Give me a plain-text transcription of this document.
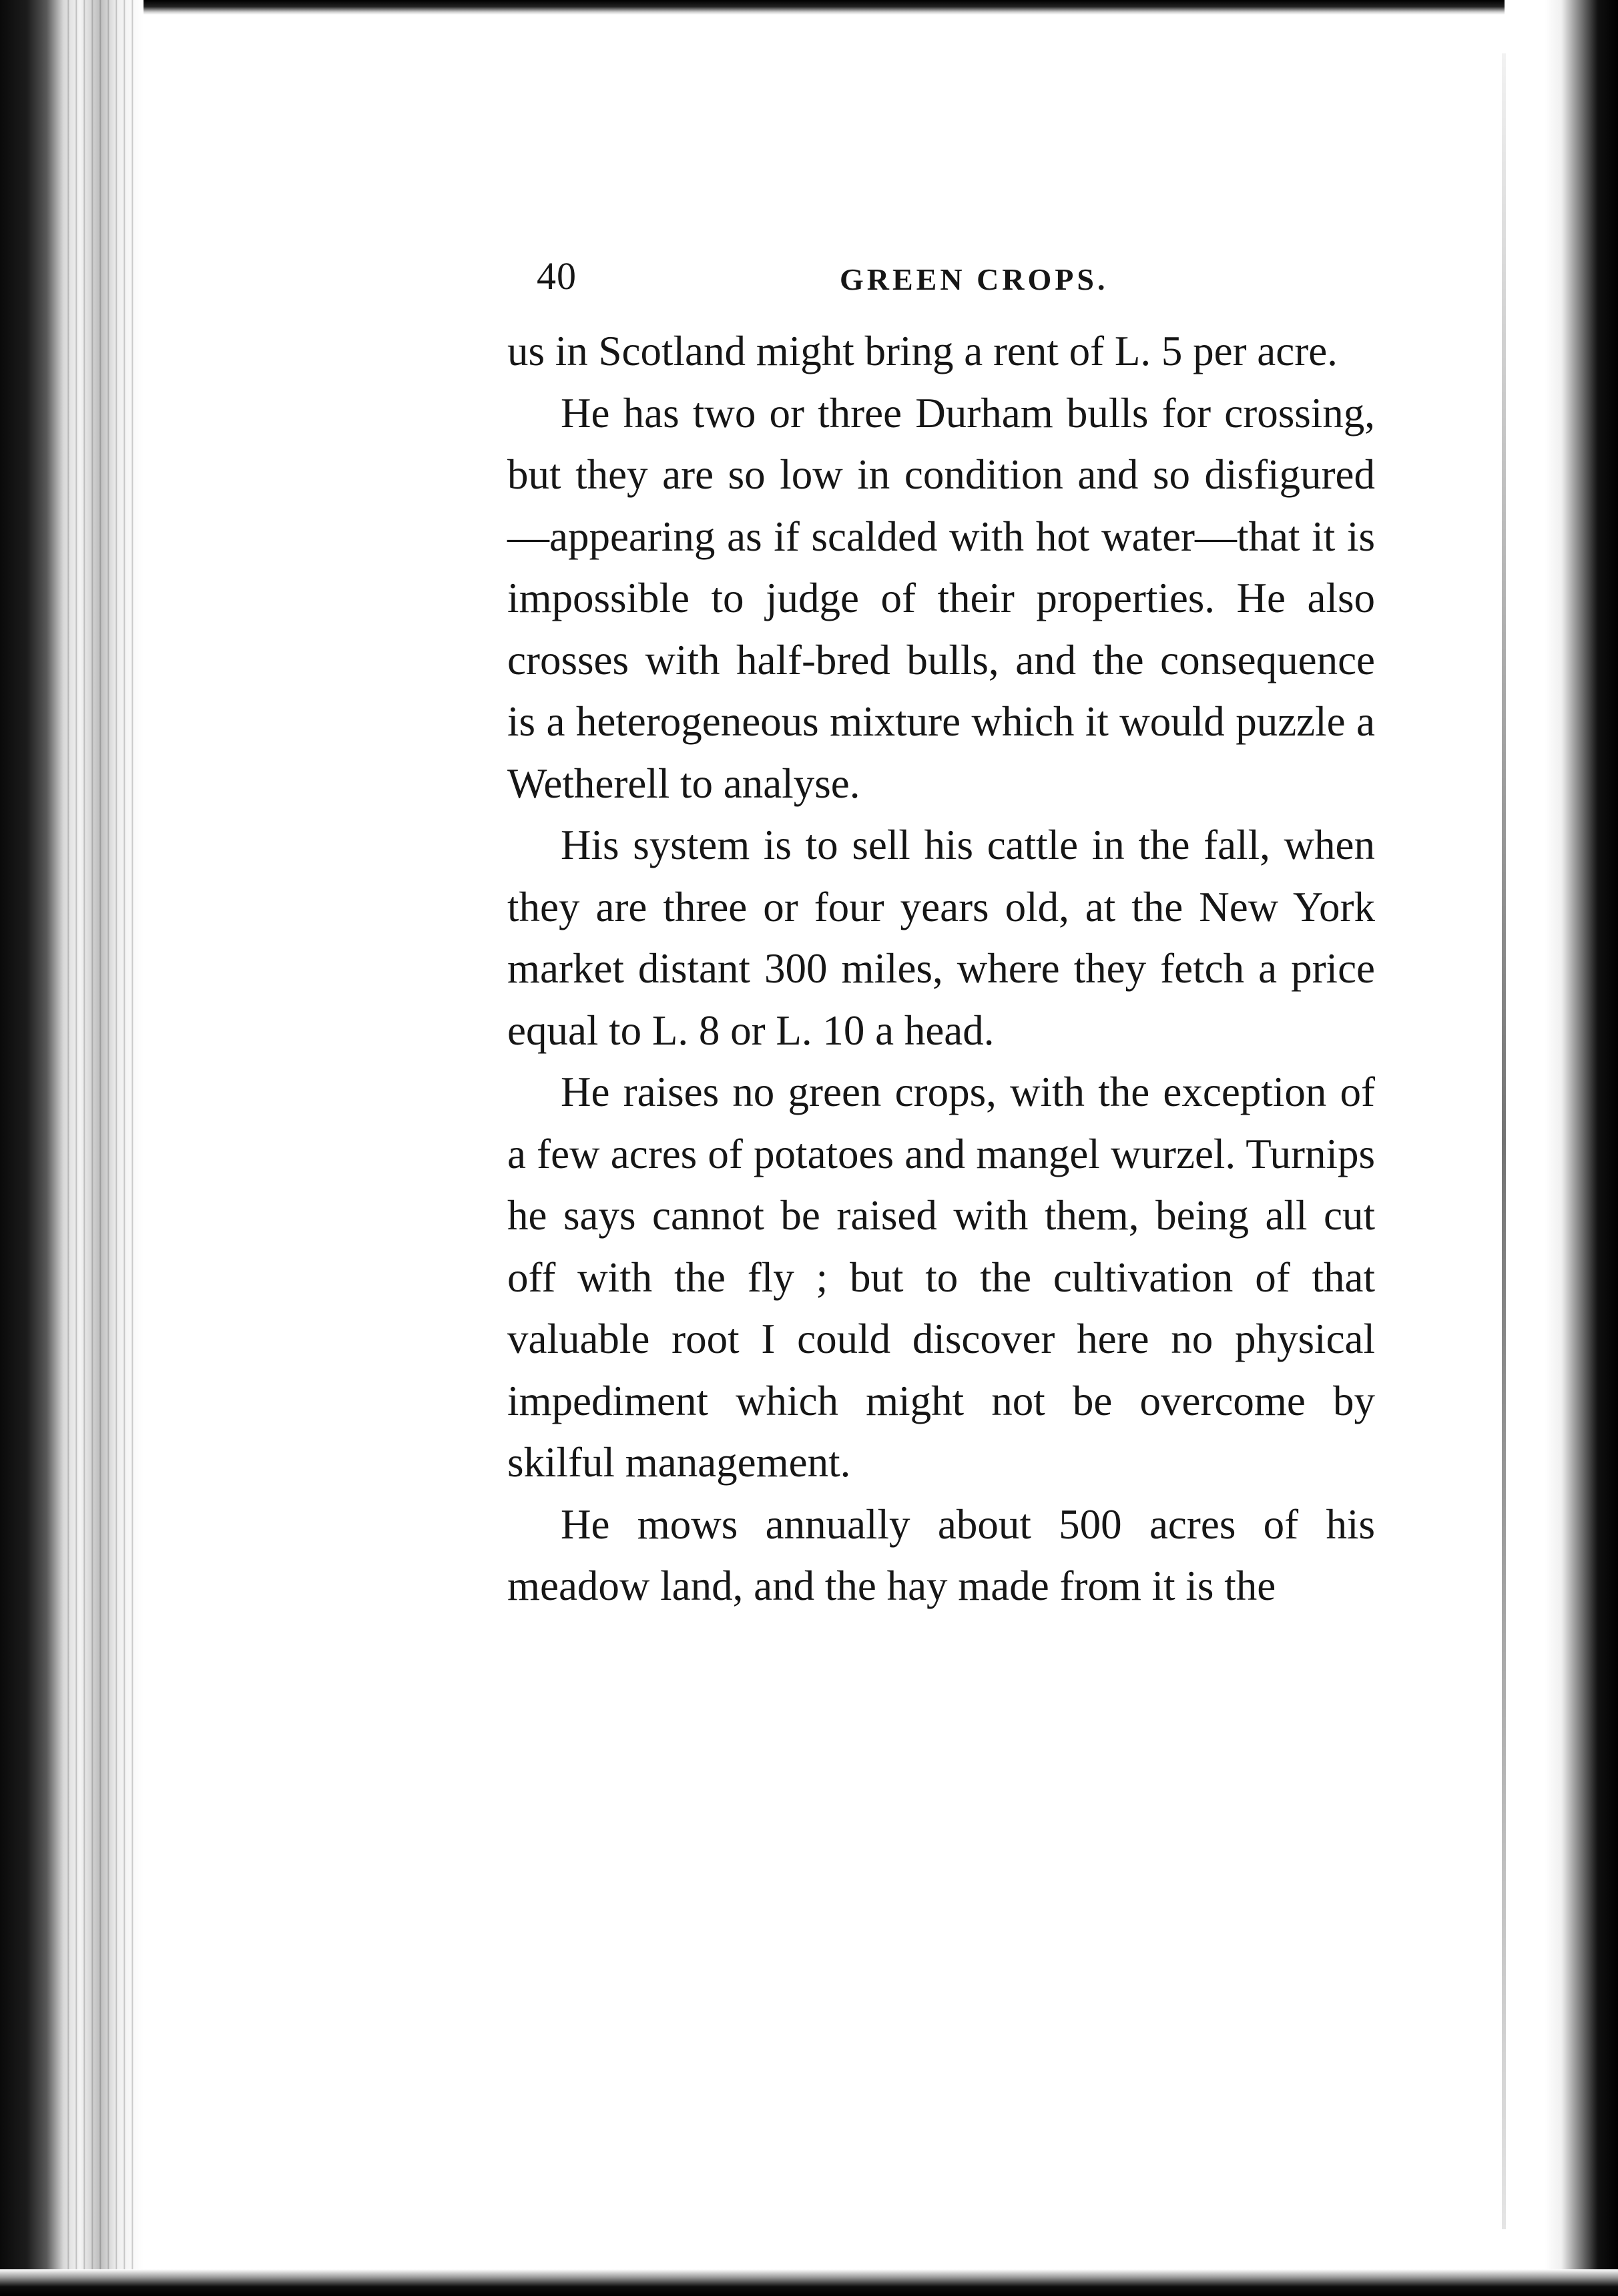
40	GREEN CROPS.

us in Scotland might bring a rent of L. 5 per acre.

He has two or three Durham bulls for crossing, but they are so low in condition and so disfigured—appearing as if scalded with hot water—that it is impossible to judge of their properties. He also crosses with half-bred bulls, and the consequence is a heterogeneous mixture which it would puzzle a Wetherell to analyse.

His system is to sell his cattle in the fall, when they are three or four years old, at the New York market distant 300 miles, where they fetch a price equal to L. 8 or L. 10 a head.

He raises no green crops, with the exception of a few acres of potatoes and mangel wurzel. Turnips he says cannot be raised with them, being all cut off with the fly ; but to the cultivation of that valuable root I could discover here no physical impediment which might not be overcome by skilful management.

He mows annually about 500 acres of his meadow land, and the hay made from it is the
